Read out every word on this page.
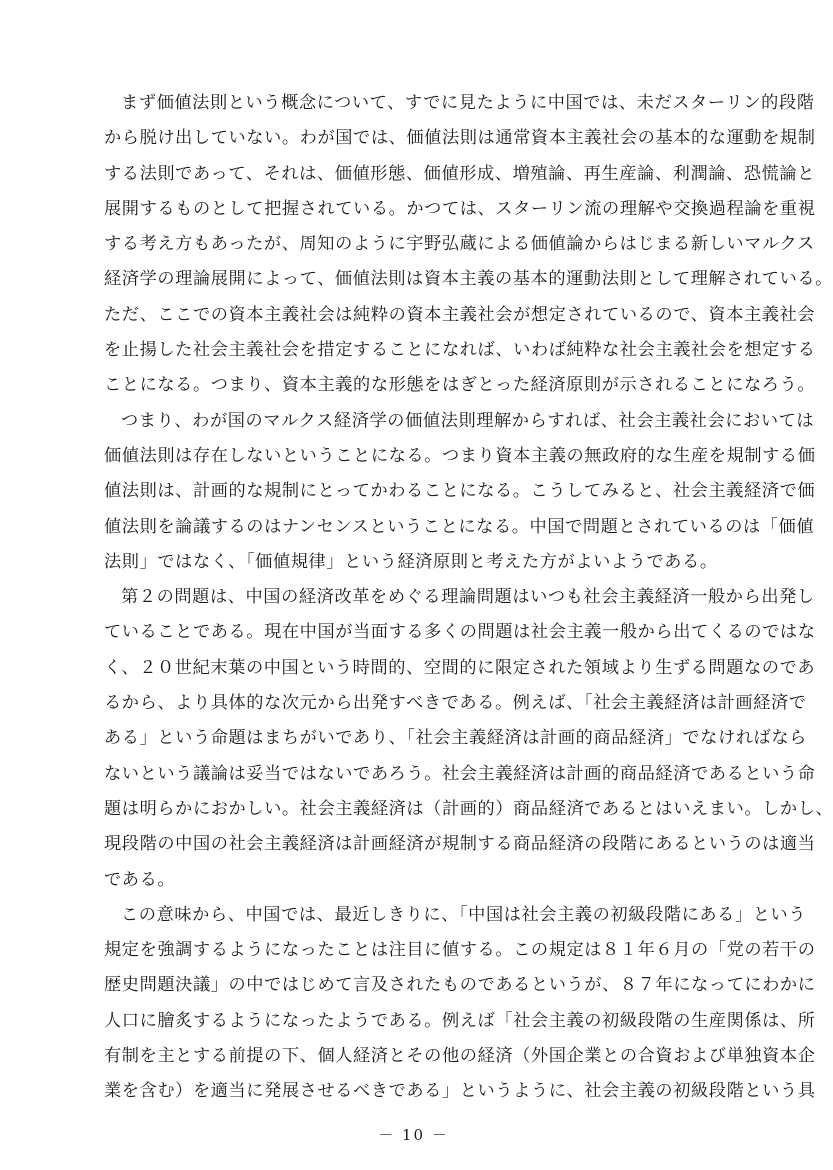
まず価値法則という概念について、すでに見たように中国では、未だスターリン的段階
から脱け出していない。わが国では、価値法則は通常資本主義社会の基本的な運動を規制
する法則であって、それは、価値形態、価値形成、増殖論、再生産論、利潤論、恐慌論と
展開するものとして把握されている。かつては、スターリン流の理解や交換過程論を重視
する考え方もあったが、周知のように宇野弘蔵による価値論からはじまる新しいマルクス
経済学の理論展開によって、価値法則は資本主義の基本的運動法則として理解されている。
ただ、ここでの資本主義社会は純粋の資本主義社会が想定されているので、資本主義社会
を止揚した社会主義社会を措定することになれば、いわば純粋な社会主義社会を想定する
ことになる。つまり、資本主義的な形態をはぎとった経済原則が示されることになろう。
つまり、わが国のマルクス経済学の価値法則理解からすれば、社会主義社会においては
価値法則は存在しないということになる。つまり資本主義の無政府的な生産を規制する価
値法則は、計画的な規制にとってかわることになる。こうしてみると、社会主義経済で価
値法則を論議するのはナンセンスということになる。中国で問題とされているのは「価値
法則」ではなく、「価値規律」という経済原則と考えた方がよいようである。
第２の問題は、中国の経済改革をめぐる理論問題はいつも社会主義経済一般から出発し
ていることである。現在中国が当面する多くの問題は社会主義一般から出てくるのではな
く、２０世紀末葉の中国という時間的、空間的に限定された領域より生ずる問題なのであ
るから、より具体的な次元から出発すべきである。例えば、「社会主義経済は計画経済で
ある」という命題はまちがいであり、「社会主義経済は計画的商品経済」でなければなら
ないという議論は妥当ではないであろう。社会主義経済は計画的商品経済であるという命
題は明らかにおかしい。社会主義経済は（計画的）商品経済であるとはいえまい。しかし、
現段階の中国の社会主義経済は計画経済が規制する商品経済の段階にあるというのは適当
である。
この意味から、中国では、最近しきりに、「中国は社会主義の初級段階にある」という
規定を強調するようになったことは注目に値する。この規定は８１年６月の「党の若干の
歴史問題決議」の中ではじめて言及されたものであるというが、８７年になってにわかに
人口に膾炙するようになったようである。例えば「社会主義の初級段階の生産関係は、所
有制を主とする前提の下、個人経済とその他の経済（外国企業との合資および単独資本企
業を含む）を適当に発展させるべきである」というように、社会主義の初級段階という具
－ 10 －
